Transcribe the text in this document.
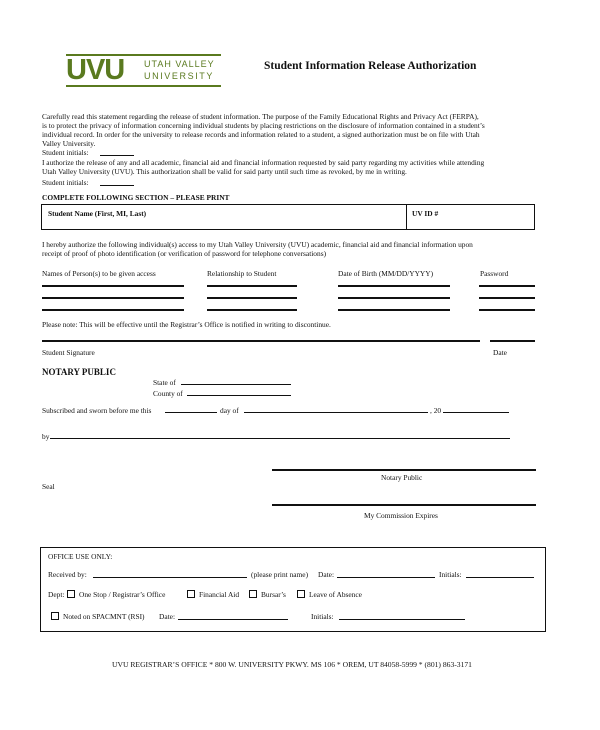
UVU UTAH VALLEY
UNIVERSITY
Student Information Release Authorization
Carefully read this statement regarding the release of student information. The purpose of the Family Educational Rights and Privacy Act (FERPA),
is to protect the privacy of information concerning individual students by placing restrictions on the disclosure of information contained in a student’s
individual record. In order for the university to release records and information related to a student, a signed authorization must be on file with Utah
Valley University.
Student initials:
I authorize the release of any and all academic, financial aid and financial information requested by said party regarding my activities while attending
Utah Valley University (UVU). This authorization shall be valid for said party until such time as revoked, by me in writing.
Student initials:
COMPLETE FOLLOWING SECTION – PLEASE PRINT
Student Name (First, MI, Last)	UV ID #
I hereby authorize the following individual(s) access to my Utah Valley University (UVU) academic, financial aid and financial information upon
receipt of proof of photo identification (or verification of password for telephone conversations)
Names of Person(s) to be given access	Relationship to Student	Date of Birth (MM/DD/YYYY)	Password
Please note: This will be effective until the Registrar’s Office is notified in writing to discontinue.
Student Signature	Date
NOTARY PUBLIC
State of
County of
Subscribed and sworn before me this	day of	, 20
by
Notary Public
Seal
My Commission Expires
OFFICE USE ONLY:
Received by:	(please print name) Date:	Initials:
Dept:	One Stop / Registrar’s Office	Financial Aid	Bursar’s	Leave of Absence
Noted on SPACMNT (RSI) Date:	Initials:
UVU REGISTRAR’S OFFICE * 800 W. UNIVERSITY PKWY. MS 106 * OREM, UT 84058-5999 * (801) 863-3171
